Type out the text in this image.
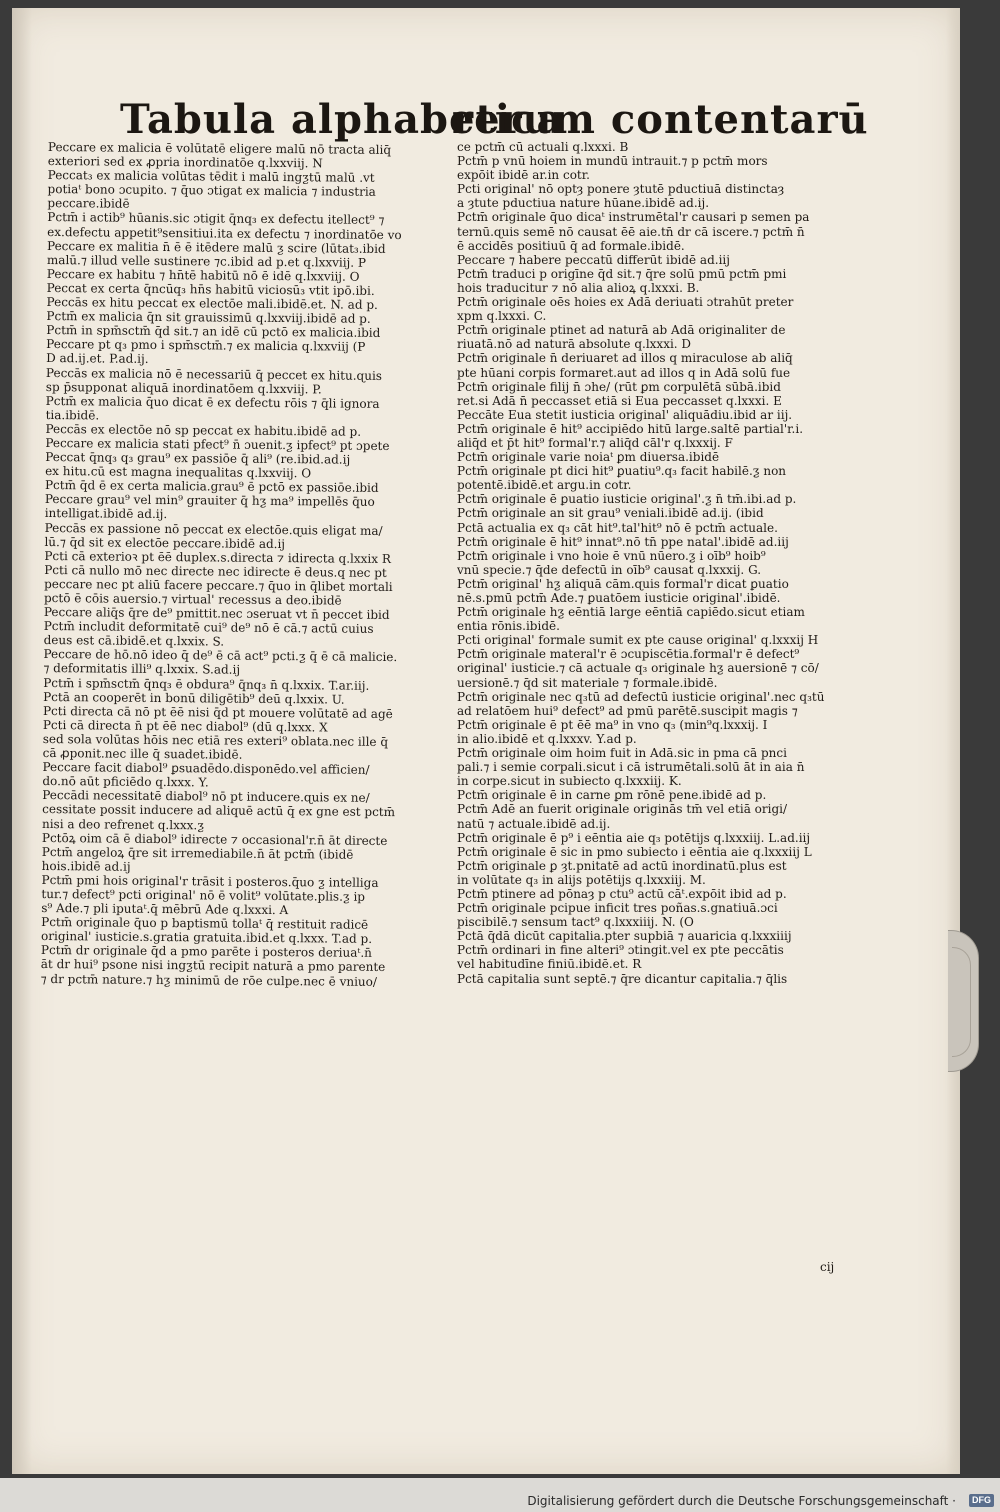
Tabula alphabetica
rerum contentarū
Peccare ex malicia ē volūtatē eligere malū nō tracta aliq̄
exteriori sed ex ꝓpria inordinatōe q.lxxviij. N
Peccat₃ ex malicia volūtas tēdit i malū ingƺtū malū .vt
potiaᵗ bono ɔcupito. ⁊ q̄uo ɔtigat ex malicia ⁊ industria
peccare.ibidē
Pctm̄ i actib⁹ hūanis.sic ɔtigit q̄nq₃ ex defectu itellect⁹ ⁊
ex.defectu appetit⁹sensitiui.ita ex defectu ⁊ inordinatōe vo
Peccare ex malitia n̄ ē ē itēdere malū ƺ scire (lūtat₃.ibid
malū.⁊ illud velle sustinere ⁊c.ibid ad p.et q.lxxviij. P
Peccare ex habitu ⁊ hn̄tē habitū nō ē idē q.lxxviij. O
Peccat ex certa q̄ncūq₃ hn̄s habitū viciosū₃ vtit ipō.ibi.
Peccās ex hitu peccat ex electōe mali.ibidē.et. N. ad p.
Pctm̄ ex malicia q̄n sit grauissimū q.lxxviij.ibidē ad p.
Pctm̄ in spm̄sctm̄ q̄d sit.⁊ an idē cū pctō ex malicia.ibid
Peccare pt q₃ pmo i spm̄sctm̄.⁊ ex malicia q.lxxviij (P
D ad.ij.et. P.ad.ij.
Peccās ex malicia nō ē necessariū q̄ peccet ex hitu.ɋuis
sp p̄supponat aliquā inordinatōem q.lxxviij. P.
Pctm̄ ex malicia q̄uo dicat ē ex defectu rōis ⁊ q̄li ignora
tia.ibidē.
Peccās ex electōe nō sp peccat ex habitu.ibidē ad p.
Peccare ex malicia stati pfect⁹ n̄ ɔuenit.ƺ ipfect⁹ pt ɔpete
Peccat q̄nq₃ q₃ grau⁹ ex passiōe q̄ ali⁹ (re.ibid.ad.ij
ex hitu.cū est magna inequalitas q.lxxviij. O
Pctm̄ q̄d ē ex certa malicia.grau⁹ ē pctō ex passiōe.ibid
Peccare grau⁹ vel min⁹ grauiter q̄ hƺ ma⁹ impellēs q̄uo
intelligat.ibidē ad.ij.
Peccās ex passione nō peccat ex electōe.ɋuis eligat ma/
lū.⁊ q̄d sit ex electōe peccare.ibidē ad.ij
Pcti cā exterioꝛ pt ēē duplex.s.directa ⁊ idirecta q.lxxix R
Pcti cā nullo mō nec directe nec idirecte ē deus.q nec pt
peccare nec pt aliū facere peccare.⁊ q̄uo in q̄libet mortali
pctō ē cōis auersio.⁊ virtual' recessus a deo.ibidē
Peccare aliq̄s q̄re de⁹ pmittit.nec ɔseruat vt n̄ peccet ibid
Pctm̄ includit deformitatē cui⁹ de⁹ nō ē cā.⁊ actū cuius
deus est cā.ibidē.et q.lxxix. S.
Peccare de hō.nō ideo q̄ de⁹ ē cā act⁹ pcti.ƺ q̄ ē cā malicie.
⁊ deformitatis illi⁹ q.lxxix. S.ad.ij
Pctm̄ i spm̄sctm̄ q̄nq₃ ē obdura⁹ q̄nq₃ n̄ q.lxxix. T.ar.iij.
Pctā an cooperēt in bonū diligētib⁹ deū q.lxxix. U.
Pcti directa cā nō pt ēē nisi q̄d pt mouere volūtatē ad agē
Pcti cā directa n̄ pt ēē nec diabol⁹ (dū q.lxxx. X
sed sola volūtas hōis nec etiā res exteri⁹ oblata.nec ille q̄
cā ꝓponit.nec ille q̄ suadet.ibidē.
Peccare facit diabol⁹ ꝑsuadēdo.disponēdo.vel afficien/
do.nō aūt pficiēdo q.lxxx. Y.
Peccādi necessitatē diabol⁹ nō pt inducere.ɋuis ex ne/
cessitate possit inducere ad aliquē actū q̄ ex gne est pctm̄
nisi a deo refrenet q.lxxx.ƺ
Pctōꝝ oim cā ē diabol⁹ idirecte ⁊ occasional'r.n̄ āt directe
Pctm̄ angeloꝝ q̄re sit irremediabile.n̄ āt pctm̄ (ibidē
hois.ibidē ad.ij
Pctm̄ pmi hois original'r trāsit i posteros.q̄uo ƺ intelliga
tur.⁊ defect⁹ pcti original' nō ē volit⁹ volūtate.plis.ƺ ip
s⁹ Ade.⁊ pli iputaᵗ.q̄ mēbrū Ade q.lxxxi. A
Pctm̄ originale q̄uo p baptismū tollaᵗ q̄ restituit radicē
original' iusticie.s.gratia gratuita.ibid.et q.lxxx. T.ad p.
Pctm̄ dr originale q̄d a pmo parēte i posteros deriuaᵗ.n̄
āt dr hui⁹ psone nisi ingƺtū recipit naturā a pmo parente
⁊ dr pctm̄ nature.⁊ hƺ minimū de rōe culpe.nec ē vniuo/
ce pctm̄ cū actuali q.lxxxi. B
Pctm̄ p vnū hoiem in mundū intrauit.⁊ p pctm̄ mors
expōit ibidē ar.in cotr.
Pcti original' nō optȝ ponere ȝtutē pductiuā distinctaȝ
a ȝtute pductiua nature hūane.ibidē ad.ij.
Pctm̄ originale q̄uo dicaᵗ instrumētal'r causari p semen pa
ternū.ɋuis semē nō causat ēē aie.tn̄ dr cā iscere.⁊ pctm̄ n̄
ē accidēs positiuū q̄ ad formale.ibidē.
Peccare ⁊ habere peccatū differūt ibidē ad.iij
Pctm̄ traduci p origīne q̄d sit.⁊ q̄re solū pmū pctm̄ pmi
hois traducitur ⁊ nō alia alioꝝ q.lxxxi. B.
Pctm̄ originale oēs hoies ex Adā deriuati ɔtrahūt preter
xpm q.lxxxi. C.
Pctm̄ originale ptinet ad naturā ab Adā originaliter de
riuatā.nō ad naturā absolute q.lxxxi. D
Pctm̄ originale n̄ deriuaret ad illos q miraculose ab aliq̄
pte hūani corpis formaret.aut ad illos q in Adā solū fue
Pctm̄ originale filij n̄ ɔhe/ (rūt ꝑm corpulētā sūbā.ibid
ret.si Adā n̄ peccasset etiā si Eua peccasset q.lxxxi. E
Peccāte Eua stetit iusticia original' aliquādiu.ibid ar iij.
Pctm̄ originale ē hit⁹ accipiēdo hitū large.saltē partial'r.i.
aliq̄d et p̄t hit⁹ formal'r.⁊ aliq̄d cāl'r q.lxxxij. F
Pctm̄ originale varie noiaᵗ ꝑm diuersa.ibidē
Pctm̄ originale pt dici hit⁹ ꝑuatiu⁹.q₃ facit habilē.ƺ non
potentē.ibidē.et argu.in cotr.
Pctm̄ originale ē ꝑuatio iusticie original'.ƺ n̄ tm̄.ibi.ad p.
Pctm̄ originale an sit grau⁹ veniali.ibidē ad.ij. (ibid
Pctā actualia ex q₃ cāt hit⁹.tal'hit⁹ nō ē pctm̄ actuale.
Pctm̄ originale ē hit⁹ innat⁹.nō tn̄ ppe natal'.ibidē ad.iij
Pctm̄ originale i vno hoie ē vnū nūero.ƺ i oīb⁹ hoib⁹
vnū specie.⁊ q̄de defectū in oīb⁹ causat q.lxxxij. G.
Pctm̄ original' hƺ aliquā cām.ɋuis formal'r dicat ꝑuatio
nē.s.pmū pctm̄ Ade.⁊ ꝑuatōem iusticie original'.ibidē.
Pctm̄ originale hƺ eēntiā large eēntiā capiēdo.sicut etiam
entia rōnis.ibidē.
Pcti original' formale sumit ex pte cause original' q.lxxxij H
Pctm̄ originale materal'r ē ɔcupiscētia.formal'r ē defect⁹
original' iusticie.⁊ cā actuale q₃ originale hƺ auersionē ⁊ cō/
uersionē.⁊ q̄d sit materiale ⁊ formale.ibidē.
Pctm̄ originale nec q₃tū ad defectū iusticie original'.nec q₃tū
ad relatōem hui⁹ defect⁹ ad pmū parētē.suscipit magis ⁊
Pctm̄ originale ē pt ēē ma⁹ in vno q₃ (min⁹q.lxxxij. I
in alio.ibidē et q.lxxxv. Y.ad p.
Pctm̄ originale oim hoim fuit in Adā.sic in pma cā pnci
pali.⁊ i semie corpali.sicut i cā istrumētali.solū āt in aia n̄
in corpe.sicut in subiecto q.lxxxiij. K.
Pctm̄ originale ē in carne ꝑm rōnē pene.ibidē ad p.
Pctm̄ Adē an fuerit originale originās tm̄ vel etiā origi/
natū ⁊ actuale.ibidē ad.ij.
Pctm̄ originale ē p⁹ i eēntia aie q₃ potētijs q.lxxxiij. L.ad.iij
Pctm̄ originale ē sic in pmo subiecto i eēntia aie q.lxxxiij L
Pctm̄ originale ꝑ ȝt.pnitatē ad actū inordinatū.plus est
in volūtate q₃ in alijs potētijs q.lxxxiij. M.
Pctm̄ ptinere ad pōnaȝ p ctu⁹ actū cāᵗ.expōit ibid ad p.
Pctm̄ originale pcipue inficit tres poñas.s.gnatiuā.ɔci
piscibilē.⁊ sensum tact⁹ q.lxxxiiij. N. (O
Pctā q̄dā dicūt capitalia.pter supbiā ⁊ auaricia q.lxxxiiij
Pctm̄ ordinari in fine alteri⁹ ɔtingit.vel ex pte peccātis
vel habitudīne finiū.ibidē.et. R
Pctā capitalia sunt septē.⁊ q̄re dicantur capitalia.⁊ q̄lis
cij
Digitalisierung gefördert durch die Deutsche Forschungsgemeinschaft ·	DFG
